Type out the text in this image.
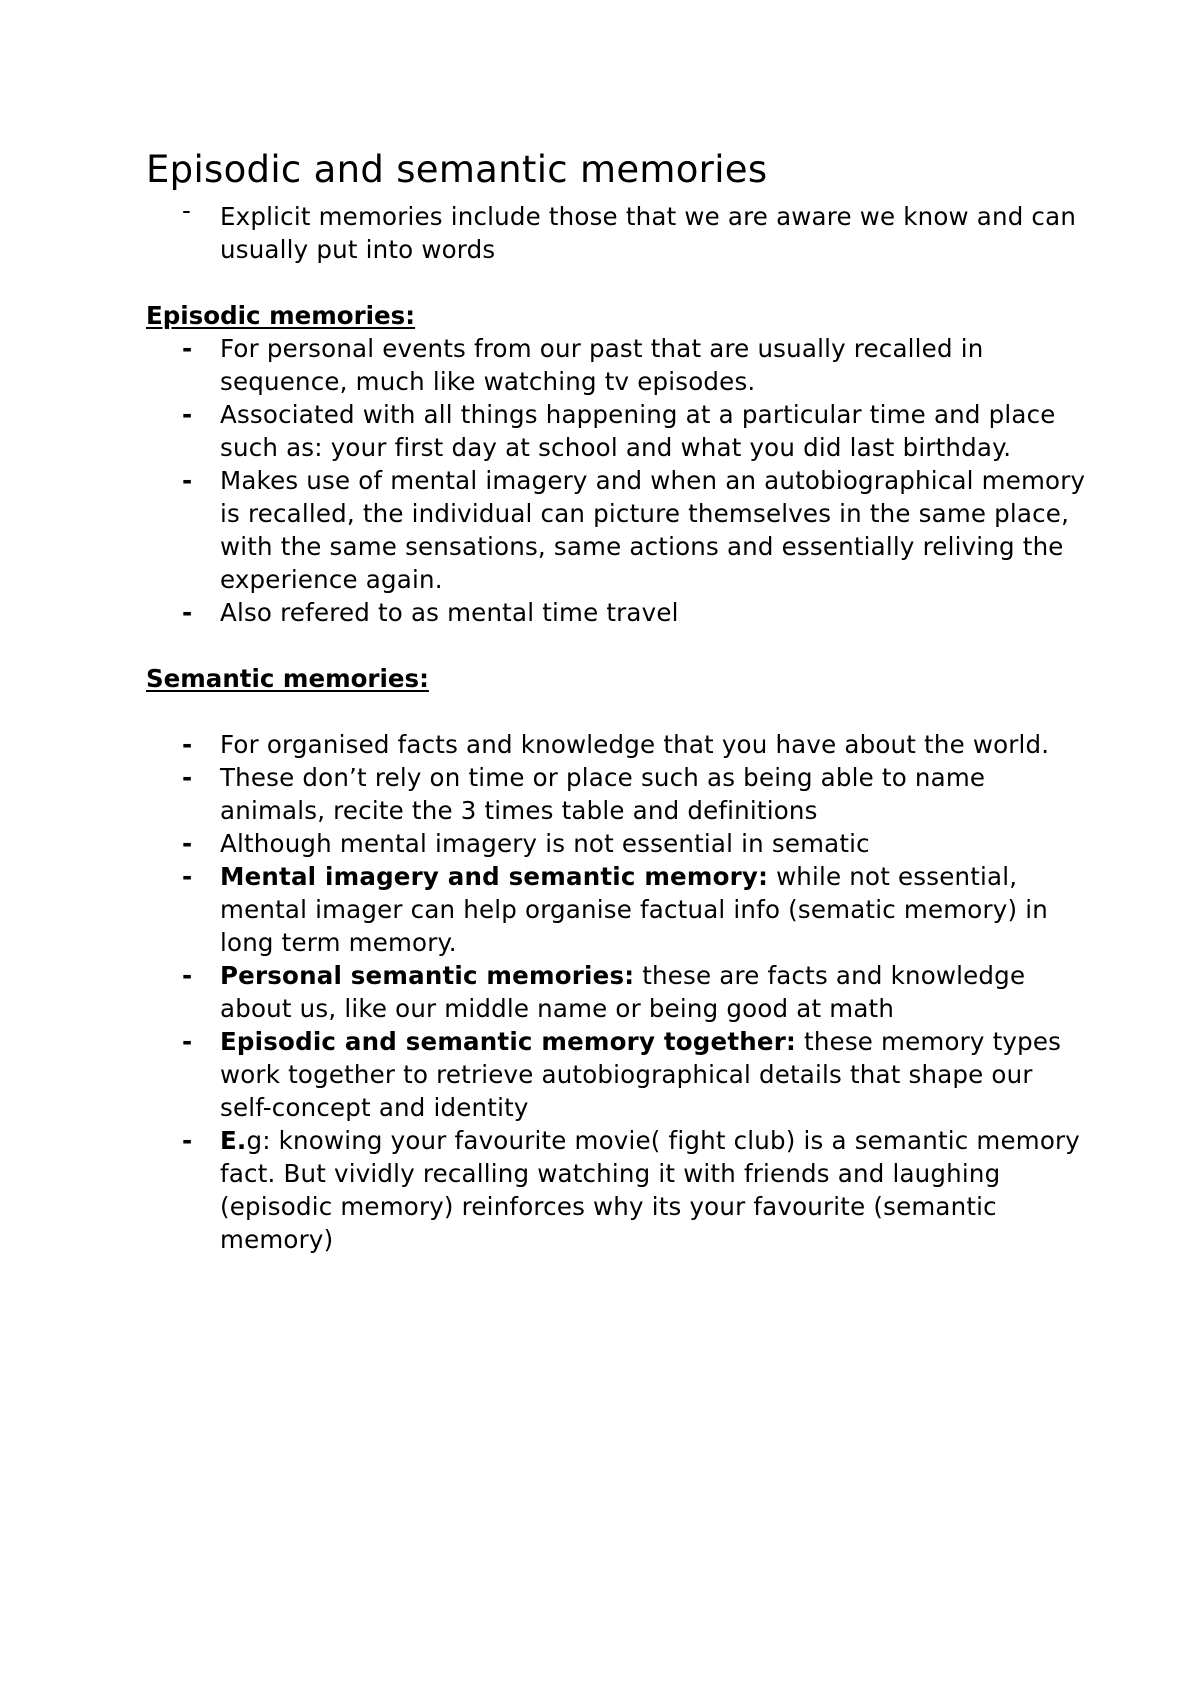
Episodic and semantic memories
- Explicit memories include those that we are aware we know and can usually put into words
Episodic memories:
- For personal events from our past that are usually recalled in sequence, much like watching tv episodes.
- Associated with all things happening at a particular time and place such as: your first day at school and what you did last birthday.
- Makes use of mental imagery and when an autobiographical memory is recalled, the individual can picture themselves in the same place, with the same sensations, same actions and essentially reliving the experience again.
- Also refered to as mental time travel
Semantic memories:
- For organised facts and knowledge that you have about the world.
- These don’t rely on time or place such as being able to name animals, recite the 3 times table and definitions
- Although mental imagery is not essential in sematic
- Mental imagery and semantic memory: while not essential, mental imager can help organise factual info (sematic memory) in long term memory.
- Personal semantic memories: these are facts and knowledge about us, like our middle name or being good at math
- Episodic and semantic memory together: these memory types work together to retrieve autobiographical details that shape our self-concept and identity
- E.g: knowing your favourite movie( fight club) is a semantic memory fact. But vividly recalling watching it with friends and laughing (episodic memory) reinforces why its your favourite (semantic memory)
